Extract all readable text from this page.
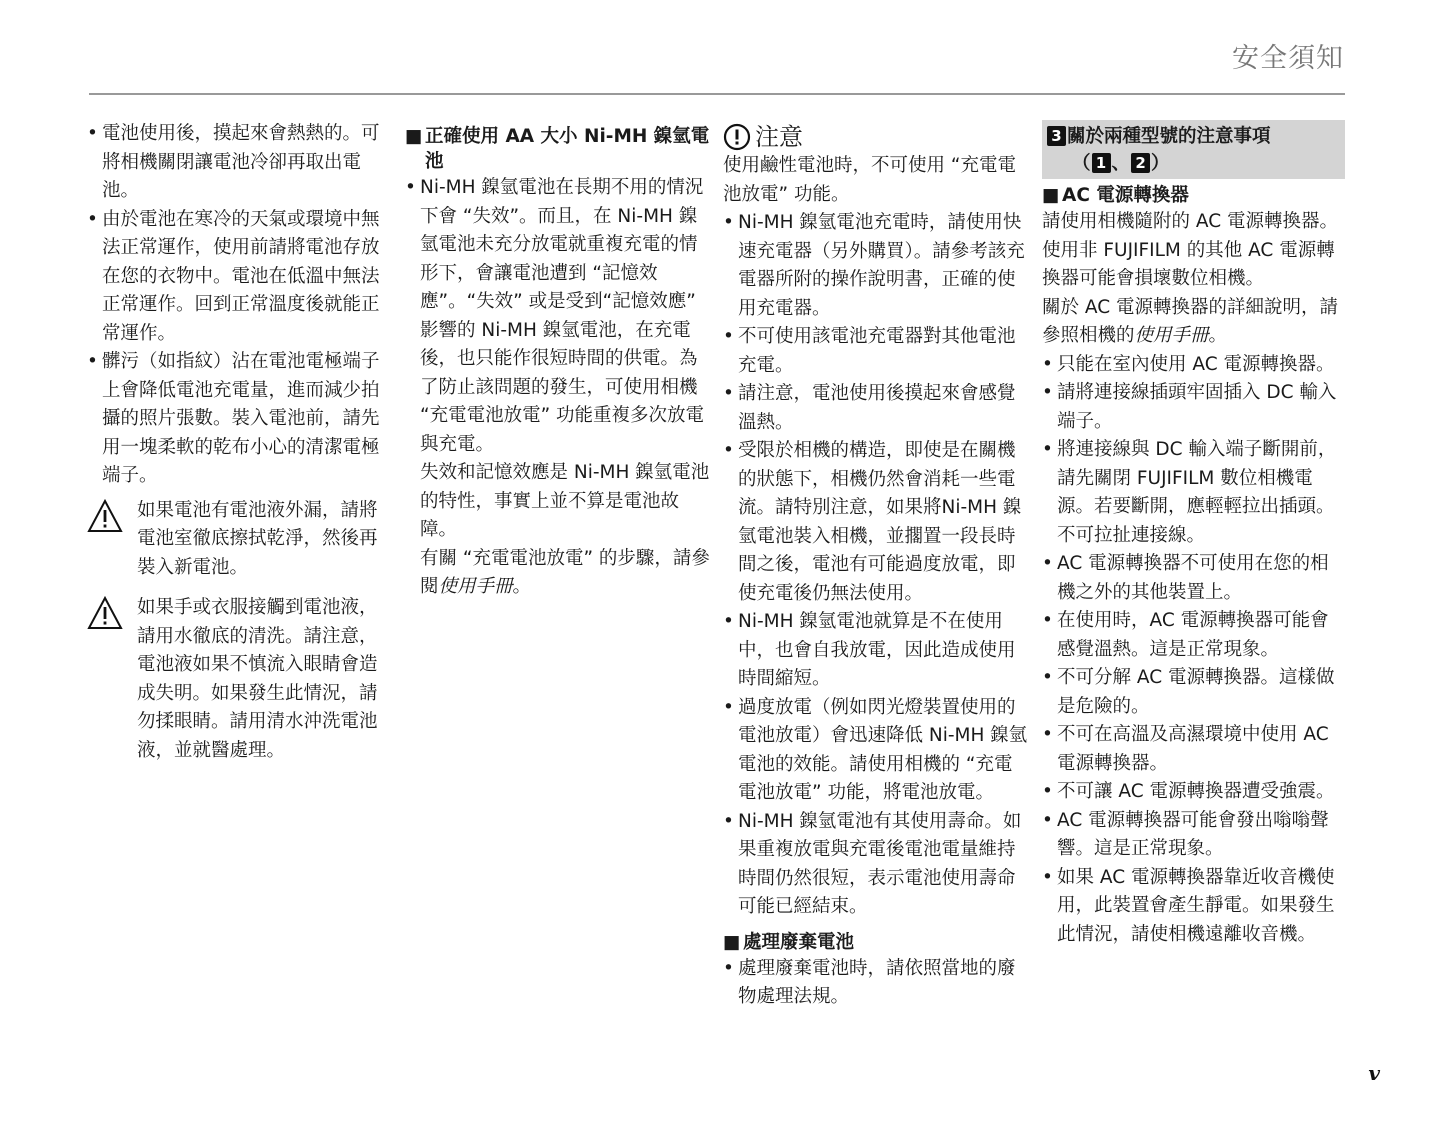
安全須知
• 電池使用後，摸起來會熱熱的。可將相機關閉讓電池冷卻再取出電池。
• 由於電池在寒冷的天氣或環境中無法正常運作，使用前請將電池存放在您的衣物中。電池在低溫中無法正常運作。回到正常溫度後就能正常運作。
• 髒污（如指紋）沾在電池電極端子上會降低電池充電量，進而減少拍攝的照片張數。裝入電池前，請先用一塊柔軟的乾布小心的清潔電極端子。
如果電池有電池液外漏，請將電池室徹底擦拭乾淨，然後再裝入新電池。
如果手或衣服接觸到電池液，請用水徹底的清洗。請注意，電池液如果不慎流入眼睛會造成失明。如果發生此情況，請勿揉眼睛。請用清水沖洗電池液，並就醫處理。
■ 正確使用 AA 大小 Ni-MH 鎳氫電池
• Ni-MH 鎳氫電池在長期不用的情況下會 “失效”。而且，在 Ni-MH 鎳氫電池未充分放電就重複充電的情形下，會讓電池遭到 “記憶效應”。“失效” 或是受到“記憶效應” 影響的 Ni-MH 鎳氫電池，在充電後，也只能作很短時間的供電。為了防止該問題的發生，可使用相機 “充電電池放電” 功能重複多次放電與充電。

失效和記憶效應是 Ni-MH 鎳氫電池的特性，事實上並不算是電池故障。

有關 “充電電池放電” 的步驟，請參閱使用手冊。

注意

使用鹼性電池時，不可使用 “充電電池放電” 功能。

• Ni-MH 鎳氫電池充電時，請使用快速充電器（另外購買）。請參考該充電器所附的操作說明書，正確的使用充電器。
• 不可使用該電池充電器對其他電池充電。
• 請注意，電池使用後摸起來會感覺溫熱。
• 受限於相機的構造，即使是在關機的狀態下，相機仍然會消耗一些電流。請特別注意，如果將Ni-MH 鎳氫電池裝入相機，並擱置一段長時間之後，電池有可能過度放電，即使充電後仍無法使用。
• Ni-MH 鎳氫電池就算是不在使用中，也會自我放電，因此造成使用時間縮短。
• 過度放電（例如閃光燈裝置使用的電池放電）會迅速降低 Ni-MH 鎳氫電池的效能。請使用相機的 “充電電池放電” 功能，將電池放電。
• Ni-MH 鎳氫電池有其使用壽命。如果重複放電與充電後電池電量維持時間仍然很短，表示電池使用壽命可能已經結束。
■ 處理廢棄電池
• 處理廢棄電池時，請依照當地的廢物處理法規。
3 關於兩種型號的注意事項
（ 1 、 2 ）
■ AC 電源轉換器

請使用相機隨附的 AC 電源轉換器。使用非 FUJIFILM 的其他 AC 電源轉換器可能會損壞數位相機。

關於 AC 電源轉換器的詳細說明，請參照相機的使用手冊。

• 只能在室內使用 AC 電源轉換器。
• 請將連接線插頭牢固插入 DC 輸入端子。
• 將連接線與 DC 輸入端子斷開前，請先關閉 FUJIFILM 數位相機電源。若要斷開，應輕輕拉出插頭。不可拉扯連接線。
• AC 電源轉換器不可使用在您的相機之外的其他裝置上。
• 在使用時，AC 電源轉換器可能會感覺溫熱。這是正常現象。
• 不可分解 AC 電源轉換器。這樣做是危險的。
• 不可在高溫及高濕環境中使用 AC 電源轉換器。
• 不可讓 AC 電源轉換器遭受強震。
• AC 電源轉換器可能會發出嗡嗡聲響。這是正常現象。
• 如果 AC 電源轉換器靠近收音機使用，此裝置會產生靜電。如果發生此情況，請使相機遠離收音機。
v
